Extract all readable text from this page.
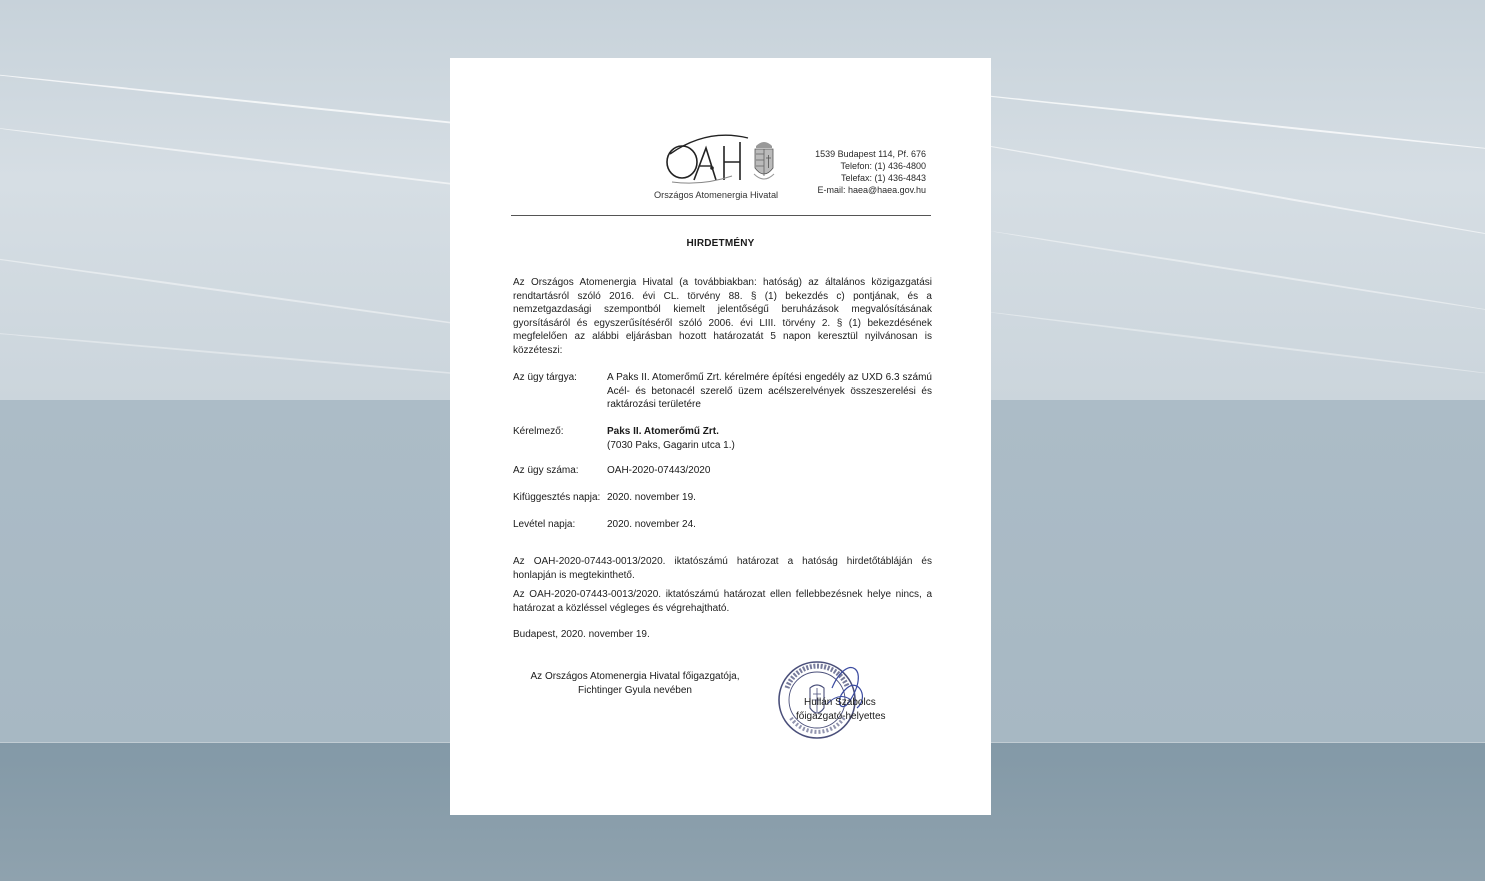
OAH
Országos Atomenergia Hivatal
1539 Budapest 114, Pf. 676
Telefon: (1) 436-4800
Telefax: (1) 436-4843
E-mail: haea@haea.gov.hu
HIRDETMÉNY
Az Országos Atomenergia Hivatal (a továbbiakban: hatóság) az általános közigazgatási rendtartásról szóló 2016. évi CL. törvény 88. § (1) bekezdés c) pontjának, és a nemzetgazdasági szempontból kiemelt jelentőségű beruházások megvalósításának gyorsításáról és egyszerűsítéséről szóló 2006. évi LIII. törvény 2. § (1) bekezdésének megfelelően az alábbi eljárásban hozott határozatát 5 napon keresztül nyilvánosan is közzéteszi:
Az ügy tárgya:	A Paks II. Atomerőmű Zrt. kérelmére építési engedély az UXD 6.3 számú Acél- és betonacél szerelő üzem acélszerelvények összeszerelési és raktározási területére
Kérelmező:	Paks II. Atomerőmű Zrt.
(7030 Paks, Gagarin utca 1.)
Az ügy száma:	OAH-2020-07443/2020
Kifüggesztés napja: 2020. november 19.
Levétel napja:	2020. november 24.
Az OAH-2020-07443-0013/2020. iktatószámú határozat a hatóság hirdetőtábláján és honlapján is megtekinthető.
Az OAH-2020-07443-0013/2020. iktatószámú határozat ellen fellebbezésnek helye nincs, a határozat a közléssel végleges és végrehajtható.
Budapest, 2020. november 19.
Az Országos Atomenergia Hivatal főigazgatója,
Fichtinger Gyula nevében
Hullán Szabolcs
főigazgató-helyettes
